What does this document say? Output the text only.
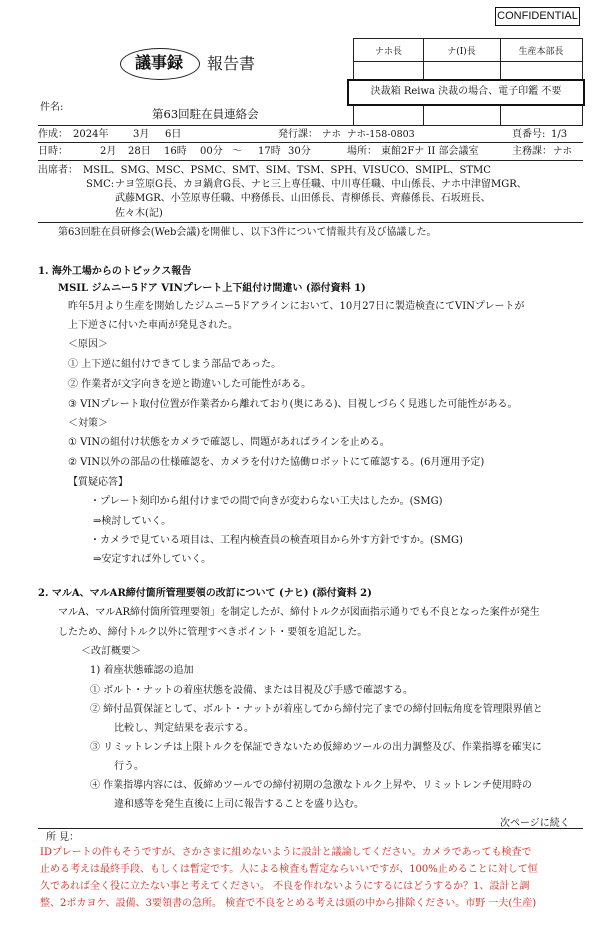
CONFIDENTIAL
議事録	報告書
ナホ長	ナ(Ⅰ)長	生産本部長
決裁箱 Reiwa 決裁の場合、電子印鑑 不要
件名:	第63回駐在員連絡会
作成： 2024年 3月 6日	発行課： ナホ ナホ-158-0803	頁番号: 1/3
日時：	2月 28日 16時 00分 ～ 17時 30分	場所： 東館2Fナ II 部会議室	主務課： ナホ
出席者： MSIL、SMG、MSC、PSMC、SMT、SIM、TSM、SPH、VISUCO、SMIPL、STMC
SMC: ナヨ笠原G長、カヨ鍋倉G長、ナヒ三上専任職、中川専任職、中山係長、ナホ中津留MGR、
武藤MGR、小笠原専任職、中務係長、山田係長、青柳係長、齊藤係長、石坂班長、
佐々木(記)
第63回駐在員研修会(Web会議)を開催し、以下3件について情報共有及び協議した。
1. 海外工場からのトピックス報告
MSIL ジムニー5ドア VINプレート上下組付け間違い (添付資料 1)
昨年5月より生産を開始したジムニー5ドアラインにおいて、10月27日に製造検査にてVINプレートが
上下逆さに付いた車両が発見された。
＜原因＞
① 上下逆に組付けできてしまう部品であった。
② 作業者が文字向きを逆と勘違いした可能性がある。
③ VINプレート取付位置が作業者から離れており(奥にある)、目視しづらく見逃した可能性がある。
＜対策＞
① VINの組付け状態をカメラで確認し、問題があればラインを止める。
② VIN以外の部品の仕様確認を、カメラを付けた協働ロボットにて確認する。(6月運用予定)
【質疑応答】
・プレート刻印から組付けまでの間で向きが変わらない工夫はしたか。(SMG)
⇒検討していく。
・カメラで見ている項目は、工程内検査員の検査項目から外す方針ですか。(SMG)
⇒安定すれば外していく。
2. マルA、マルAR締付箇所管理要領の改訂について (ナヒ) (添付資料 2)
マルA、マルAR締付箇所管理要領」を制定したが、締付トルクが図面指示通りでも不良となった案件が発生
したため、締付トルク以外に管理すべきポイント・要領を追記した。
＜改訂概要＞
1) 着座状態確認の追加
① ボルト・ナットの着座状態を設備、または目視及び手感で確認する。
② 締付品質保証として、ボルト・ナットが着座してから締付完了までの締付回転角度を管理限界値と
比較し、判定結果を表示する。
③ リミットレンチは上限トルクを保証できないため仮締めツールの出力調整及び、作業指導を確実に
行う。
④ 作業指導内容には、仮締めツールでの締付初期の急激なトルク上昇や、リミットレンチ使用時の
違和感等を発生直後に上司に報告することを盛り込む。
次ページに続く
所 見：
IDプレートの件もそうですが、さかさまに組めないように設計と議論してください。カメラであっても検査で
止める考えは最終手段、もしくは暫定です。人による検査も暫定ならいいですが、100%止めることに対して恒
久であれば全く役に立たない事と考えてください。 不良を作れないようにするにはどうするか？1、設計と調
整、2ポカヨケ、設備、3要領書の急所。 検査で不良をとめる考えは頭の中から排除ください。市野 一夫(生産)
